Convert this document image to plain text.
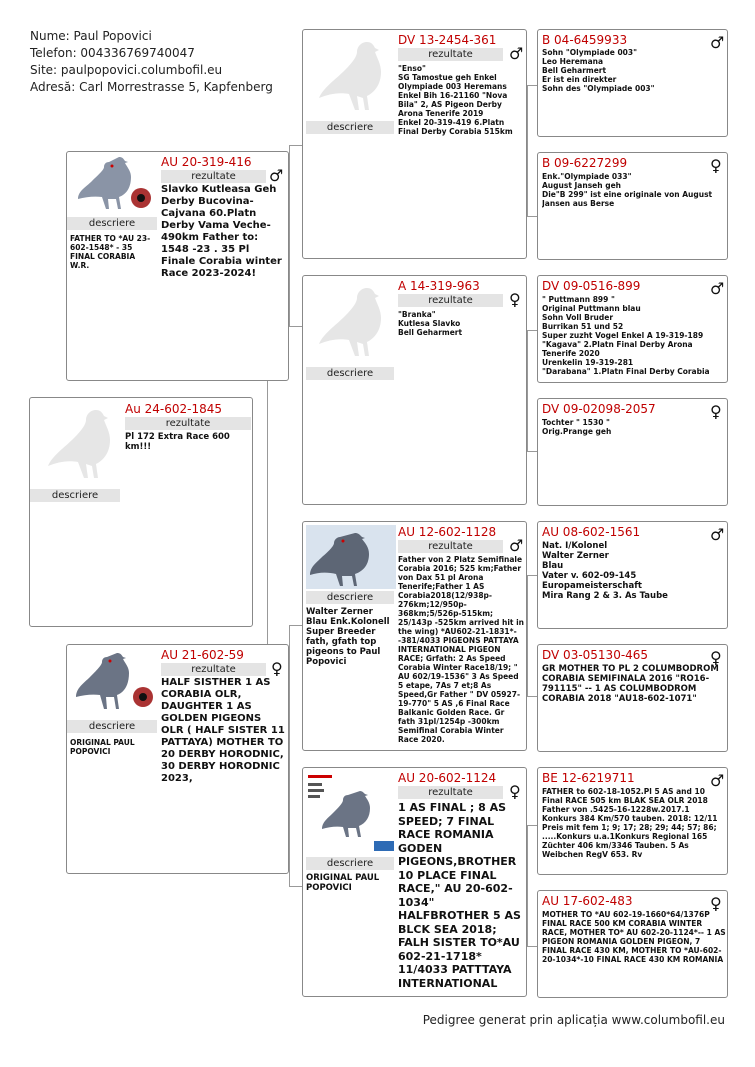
Nume: Paul Popovici
Telefon: 004336769740047
Site: paulpopovici.columbofil.eu
Adresă: Carl Morrestrasse 5, Kapfenberg
descriere
Au 24-602-1845
rezultate
Pl 172 Extra Race 600 km!!!
descriere
FATHER TO *AU 23-602-1548* - 35 FINAL CORABIA W.R.
AU 20-319-416
♂
rezultate
Slavko Kutleasa Geh Derby Bucovina-Cajvana 60.Platn Derby Vama Veche-490km Father to: 1548 -23 . 35 Pl Finale Corabia winter Race 2023-2024!
descriere
ORIGINAL PAUL POPOVICI
AU 21-602-59
♀
rezultate
HALF SISTHER 1 AS CORABIA OLR, DAUGHTER 1 AS GOLDEN PIGEONS OLR ( HALF SISTER 11 PATTAYA) MOTHER TO 20 DERBY HORODNIC, 30 DERBY HORODNIC 2023,
descriere
DV 13-2454-361
♂
rezultate
"Enso"
SG Tamostue geh Enkel Olympiade 003 Heremans
Enkel Bih 16-21160 "Nova Bila" 2, AS Pigeon Derby Arona Tenerife 2019
Enkel 20-319-419 6.Platn Final Derby Corabia 515km
descriere
A 14-319-963
♀
rezultate
"Branka"
Kutlesa Slavko
Bell Geharmert
descriere
Walter Zerner Blau Enk.Kolonell Super Breeder fath, gfath top pigeons to Paul Popovici
AU 12-602-1128
♂
rezultate
Father von 2 Platz Semifinale Corabia 2016; 525 km;Father von Dax 51 pl Arona Tenerife;Father 1 AS Corabia2018(12/938p-276km;12/950p-368km;5/526p-515km; 25/143p -525km arrived hit in the wing) *AU602-21-1831*--381/4033 PIGEONS PATTAYA INTERNATIONAL PIGEON RACE; Grfath: 2 As Speed Corabia Winter Race18/19; " AU 602/19-1536" 3 As Speed 5 etape, 7As 7 et;8 As Speed,Gr Father " DV 05927-19-770" 5 AS ,6 Final Race Balkanic Golden Race. Gr fath 31pl/1254p -300km Semifinal Corabia Winter Race 2020.
descriere
ORIGINAL PAUL POPOVICI
AU 20-602-1124
♀
rezultate
1 AS FINAL ; 8 AS SPEED; 7 FINAL RACE ROMANIA GODEN PIGEONS,BROTHER 10 PLACE FINAL RACE," AU 20-602-1034" HALFBROTHER 5 AS BLCK SEA 2018; FALH SISTER TO*AU 602-21-1718* 11/4033 PATTTAYA INTERNATIONAL
B 04-6459933	♂
Sohn "Olympiade 003"
Leo Heremana
Bell Geharmert
Er ist ein direkter
Sohn des "Olympiade 003"
B 09-6227299	♀
Enk."Olympiade 033"
August Janseh geh
Die"B 299" ist eine originale von August Jansen aus Berse
DV 09-0516-899	♂
" Puttmann 899 "
Original Puttmann blau
Sohn Voll Bruder
Burrikan 51 und 52
Super zuzht Vogel Enkel A 19-319-189 "Kagava" 2.Platn Final Derby Arona Tenerife 2020
Urenkelin 19-319-281
"Darabana" 1.Platn Final Derby Corabia
DV 09-02098-2057	♀
Tochter " 1530 "
Orig.Prange geh
AU 08-602-1561	♂
Nat. I/Kolonel
Walter Zerner
Blau
Vater v. 602-09-145
Europameisterschaft
Mira Rang 2 & 3. As Taube
DV 03-05130-465	♀
GR MOTHER TO PL 2 COLUMBODROM CORABIA SEMIFINALA 2016 "RO16-791115" -- 1 AS COLUMBODROM CORABIA 2018 "AU18-602-1071"
BE 12-6219711	♂
FATHER to 602-18-1052.Pl 5 AS and 10 Final RACE 505 km BLAK SEA OLR 2018
Father von .5425-16-1228w.2017.1 Konkurs 384 Km/570 tauben. 2018: 12/11 Preis mit fem 1; 9; 17; 28; 29; 44; 57; 86; .....Konkurs u.a.1Konkurs Regional 165 Züchter 406 km/3346 Tauben. 5 As Weibchen RegV 653. Rv
AU 17-602-483	♀
MOTHER TO *AU 602-19-1660*64/1376P FINAL RACE 500 KM CORABIA WINTER RACE, MOTHER TO* AU 602-20-1124*-- 1 AS PIGEON ROMANIA GOLDEN PIGEON, 7 FINAL RACE 430 KM, MOTHER TO *AU-602-20-1034*-10 FINAL RACE 430 KM ROMANIA
Pedigree generat prin aplicația www.columbofil.eu
